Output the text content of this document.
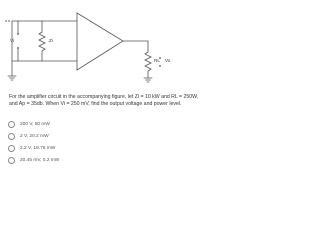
Vi	Zi
RL Vo
For the amplifier circuit in the accompanying figure, let Zi = 10 kW and RL = 250W,
and Ap = 35db. When Vi = 250 mV, find the output voltage and power level.
200 V, 50 mW
2 V, 20.2 mW
2.2 V, 19.76 mW
20.45 mV, 0.2 mW
